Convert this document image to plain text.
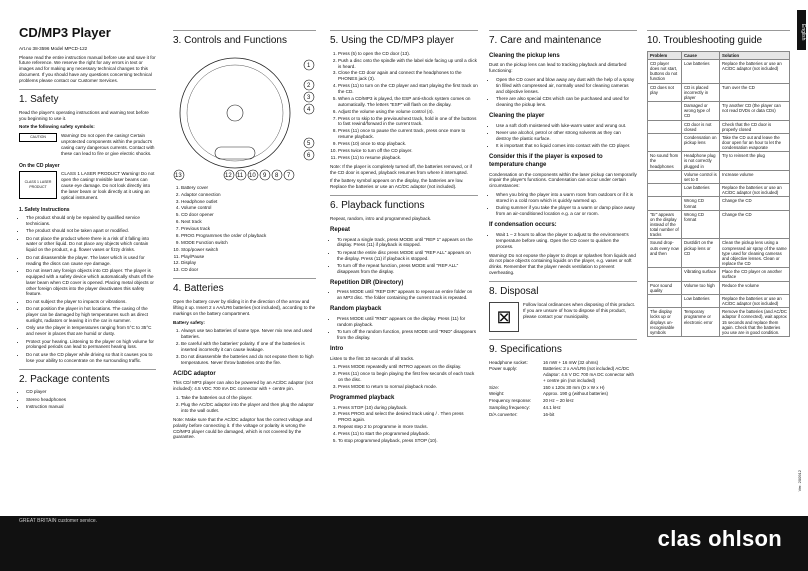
English
CD/MP3 Player

Art.no 38-3596 Model MPCD-122

Please read the entire instruction manual before use and save it for future reference. We reserve the right for any errors in text or images and for making any necessary technical changes to this document. If you should have any questions concerning technical problems please contact our Customer Services.

1. Safety

Read the player's operating instructions and warning text before you beginning to use it.

Note the following safety symbols:

CAUTION	Warning! Do not open the casing! Certain unprotected components within the product's casing carry dangerous currents. Contact with these can lead to fire or give electric shocks.

On the CD player
CLASS 1 LASER PRODUCT

CLASS 1 LASER PRODUCT Warning! Do not open the casing! Invisible laser beams can cause eye damage. Do not look directly into the laser beam or look directly at it using an optical instrument.

1. Safety Instructions
• The product should only be repaired by qualified service technicians.
• The product should not be taken apart or modified.
• Do not place the product where there is a risk of it falling into water or other liquid. Do not place any objects which contain liquid on the product, e.g. flower vases or fizzy drinks.
• Do not disassemble the player. The laser which is used for reading the discs can cause eye damage.
• Do not insert any foreign objects into CD player. The player is equipped with a safety device which automatically shuts off the laser beam when CD cover is opened. Placing metal objects or other foreign objects into the player deactivates this safety feature.
• Do not subject the player to impacts or vibrations.
• Do not position the player in hot locations. The casing of the player can be damaged by high temperatures such as direct sunlight, radiators or leaving it in the car in summer.
• Only use the player in temperatures ranging from 5°C to 35°C and never in places that are humid or dusty.
• Protect your hearing. Listening to the player on high volume for prolonged periods can lead to permanent hearing loss.
• Do not use the CD player while driving so that it causes you to lose your ability to concentrate on the surrounding traffic.
2. Package contents
• CD player
• Stereo headphones
• Instruction manual
3. Controls and Functions
1
2
3
4
5
6
7
8
9
10
11
12
13
1. Battery cover
2. Adaptor connection
3. Headphone outlet
4. Volume control
5. CD door opener
6. Next track
7. Previous track
8. PROG Programmes the order of playback
9. MODE Function switch
10. Stop/power switch
11. Play/Pause
12. Display
13. CD door
4. Batteries

Open the battery cover by sliding it in the direction of the arrow and lifting it up. Insert 2 x AA/LR6 batteries (not included), according to the markings on the battery compartment.

Battery safety:

1. Always use two batteries of same type. Never mix new and used batteries.
2. Be careful with the batteries' polarity. If one of the batteries is inserted incorrectly it can cause leakage.
3. Do not disassemble the batteries and do not expose them to high temperatures. Never throw batteries onto the fire.
AC/DC adaptor

This CD/ MP3 player can also be powered by an AC/DC adaptor (not included): 4.5 VDC 700 mA DC connector with + centre pin.

1. Take the batteries out of the player.
2. Plug the AC/DC adaptor into the player and then plug the adaptor into the wall outlet.

Note: Make sure that the AC/DC adaptor has the correct voltage and polarity before connecting it. If the voltage or polarity is wrong the CD/MP3 player could be damaged, which is not covered by the guarantee.

5. Using the CD/MP3 player
1. Press (5) to open the CD door (13).
2. Push a disc onto the spindle with the label side facing up until a click is heard.
3. Close the CD door again and connect the headphones to the PHONES jack (3).
4. Press (11) to turn on the CD player and start playing the first track on the CD.
5. When a CD/MP3 is played, the ESP anti-shock system comes on automatically. The letters "ESP" will flash on the display.
6. Adjust the volume using the volume control (4).
7. Press or to skip to the previous/next track, hold in one of the buttons to fast rewind/forward in the current track.
8. Press (11) once to pause the current track, press once more to resume playback.
9. Press (10) once to stop playback.
10. Press twice to turn off the CD player.
11. Press (11) to resume playback.

Note: If the player is completely turned off, the batteries removed, or if the CD door is opened, playback resumes from where it interrupted.

If the battery symbol appears on the display, the batteries are low. Replace the batteries or use an AC/DC adaptor (not included).

6. Playback functions

Repeat, random, intro and programmed playback.

Repeat
• To repeat a single track, press MODE until "REP 1" appears on the display. Press (11) if playback is stopped.
• To repeat the entire disc press MODE until "REP ALL" appears on the display. Press (11) if playback is stopped.
• To turn off the repeat function, press MODE until "REP ALL" disappears from the display.
Repetition DIR (Directory)
• Press MODE until "REP DIR" appears to repeat an entire folder on an MP3 disc. The folder containing the current track is repeated.
Random playback
• Press MODE until "RND" appears on the display. Press (11) for random playback.
• To turn off the random function, press MODE until "RND" disappears from the display.
Intro

Listen to the first 10 seconds of all tracks.

1. Press MODE repeatedly until INTRO appears on the display.
2. Press (11) once to begin playing the first few seconds of each track on the disc.
3. Press MODE to return to normal playback mode.
Programmed playback
1. Press STOP (10) during playback.
2. Press PROG and select the desired track using / . Then press PROG again.
3. Repeat step 2 to programme in more tracks.
4. Press (11) to start the programmed playback.
5. To stop programmed playback, press STOP (10).
7. Care and maintenance
Cleaning the pickup lens

Dust on the pickup lens can lead to tracking playback and disturbed functioning:

• Open the CD cover and blow away any dust with the help of a spray tin filled with compressed air, normally used for cleaning cameras and objective lenses.
• There are also special CDs which can be purchased and used for cleaning the pickup lens.
Cleaning the player
• Use a soft cloth moistened with luke-warm water and wrung out.
• Never use alcohol, petrol or other strong solvents as they can destroy the plastic surface.
• It is important that no liquid comes into contact with the CD player.
Consider this if the player is exposed to temperature change

Condensation on the components within the laser pickup can temporarily impair the player's functions. Condensation can occur under certain circumstances:

• When you bring the player into a warm room from outdoors or if it is stored in a cold room which is quickly warmed up.
• During summer if you take the player to a warm or damp place away from an air-conditioned location e.g. a car or room.
If condensation occurs:
• Wait 1 – 2 hours to allow the player to adjust to the environment's temperature before using. Open the CD cover to quicken the process.

Warning! Do not expose the player to drops or splashes from liquids and do not place objects containing liquids on the player, e.g. vases or soft drinks. Remember that the player needs ventilation to prevent overheating.

8. Disposal
⊠

Follow local ordinances when disposing of this product. If you are unsure of how to dispose of this product, please contact your municipality.

9. Specifications
Headphone socket:	16 mW + 16 mW (32 ohms)
Power supply:	Batteries: 2 x AA/LR6 (not included) AC/DC Adaptor: 4.5 V DC 700 mA DC connector with + centre pin (not included)
Size:	150 x 120x 30 mm (D x W x H)
Weight:	Approx. 190 g (without batteries)
Frequency response:	20 Hz – 20 kHz
Sampling frequency:	44.1 kHz
D/A converter:	16-bit
10. Troubleshooting guide
Problem	Cause	Solution
CD player does not start, buttons do not function	Low batteries	Replace the batteries or use an AC/DC adaptor (not included)
CD does not play	CD is placed incorrectly in player	Turn over the CD
	Damaged or wrong type of CD	Try another CD (the player can not read DVDs or data CDs)
	CD door is not closed	Check that the CD door is properly closed
	Condensation on pickup lens	Take the CD out and leave the door open for an hour to let the condensation evaporate
No sound from the headphones	Headphone plug is not correctly plugged in	Try to reinsert the plug
	Volume control is set to 0	Increase volume
	Low batteries	Replace the batteries or use an AC/DC adaptor (not included)
	Wrong CD format	Change the CD
"Er" appears on the display instead of the total number of tracks	Wrong CD format	Change the CD
Sound drop-outs every now and then	Dust/dirt on the pickup lens or CD	Clean the pickup lens using a compressed air spray of the same type used for cleaning cameras and objective lenses. Clean or replace the CD
	Vibrating surface	Place the CD player on another surface
Poor sound quality	Volume too high	Reduce the volume
	Low batteries	Replace the batteries or use an AC/DC adaptor (not included)
The display locks up or displays un-recognisable symbols	Temporary programme or electronic error	Remove the batteries (and AC/DC adaptor if connected), wait approx 15 seconds and replace them again. Check that the batteries you use are in good condition.
Ver. 200912
GREAT BRITAIN customer service.
clas ohlson
